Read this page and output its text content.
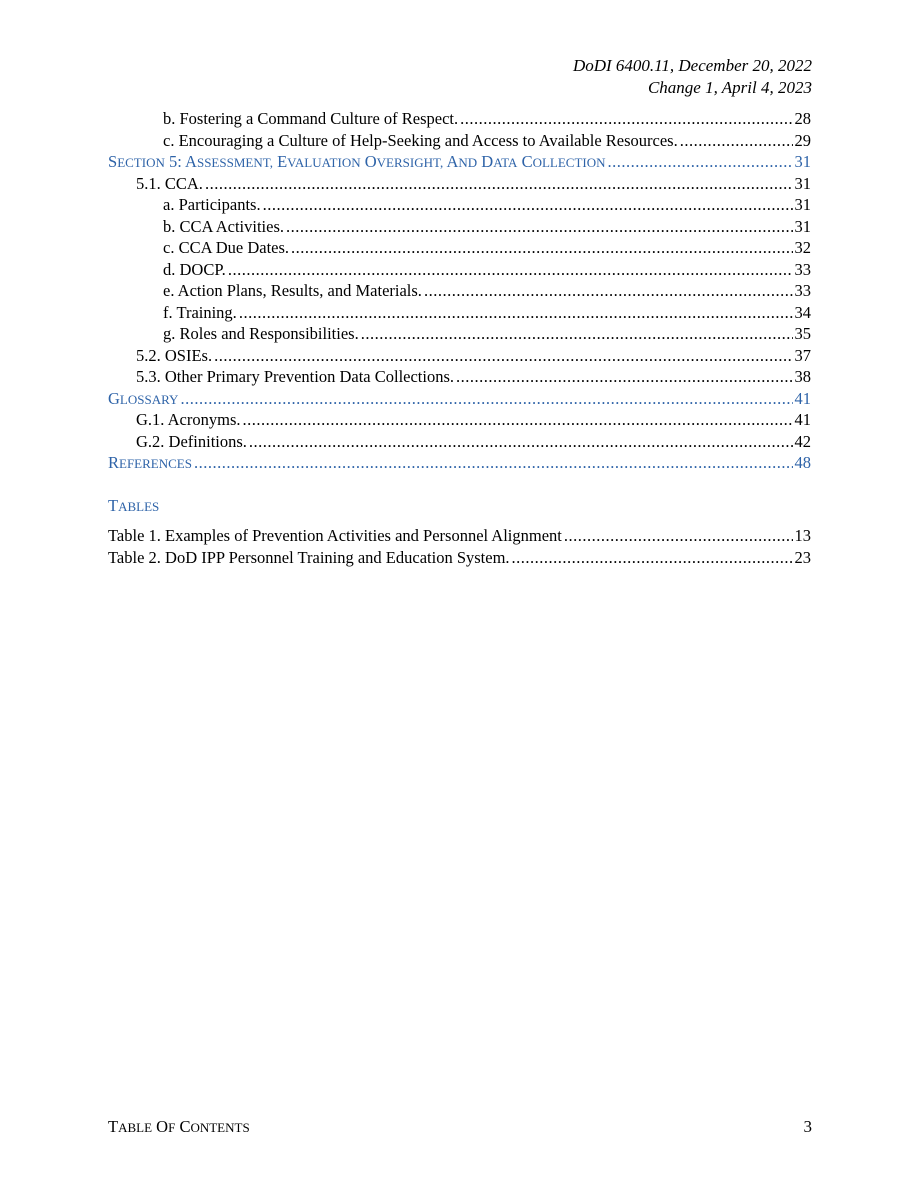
DoDI 6400.11, December 20, 2022
Change 1, April 4, 2023
b. Fostering a Command Culture of Respect. .....	28
c. Encouraging a Culture of Help-Seeking and Access to Available Resources. .....	29
SECTION 5: ASSESSMENT, EVALUATION OVERSIGHT, AND DATA COLLECTION .....	31
5.1. CCA. .....	31
a. Participants. .....	31
b. CCA Activities. .....	31
c. CCA Due Dates. .....	32
d. DOCP. .....	33
e. Action Plans, Results, and Materials. .....	33
f. Training. .....	34
g. Roles and Responsibilities. .....	35
5.2. OSIEs. .....	37
5.3. Other Primary Prevention Data Collections. .....	38
GLOSSARY .....	41
G.1. Acronyms. .....	41
G.2. Definitions. .....	42
REFERENCES .....	48
TABLES
Table 1. Examples of Prevention Activities and Personnel Alignment .....	13
Table 2. DoD IPP Personnel Training and Education System. .....	23
TABLE OF CONTENTS	3
